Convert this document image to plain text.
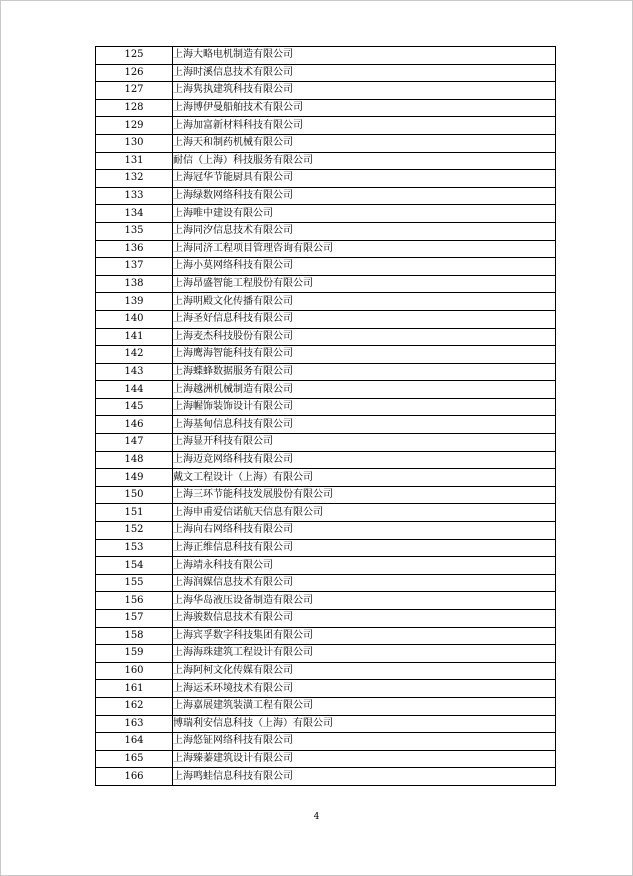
125	上海大略电机制造有限公司
126	上海时溪信息技术有限公司
127	上海隽执建筑科技有限公司
128	上海博伊曼船舶技术有限公司
129	上海加富新材料科技有限公司
130	上海天和制药机械有限公司
131	耐信（上海）科技服务有限公司
132	上海冠华节能厨具有限公司
133	上海绿数网络科技有限公司
134	上海唯中建设有限公司
135	上海同汐信息技术有限公司
136	上海同济工程项目管理咨询有限公司
137	上海小莫网络科技有限公司
138	上海昂盛智能工程股份有限公司
139	上海明殿文化传播有限公司
140	上海圣好信息科技有限公司
141	上海麦杰科技股份有限公司
142	上海鹰海智能科技有限公司
143	上海蝶蜂数据服务有限公司
144	上海越洲机械制造有限公司
145	上海幄饰装饰设计有限公司
146	上海基甸信息科技有限公司
147	上海显开科技有限公司
148	上海迈竞网络科技有限公司
149	戴文工程设计（上海）有限公司
150	上海三环节能科技发展股份有限公司
151	上海申甫爱信诺航天信息有限公司
152	上海向右网络科技有限公司
153	上海正维信息科技有限公司
154	上海靖永科技有限公司
155	上海润媒信息技术有限公司
156	上海华岛液压设备制造有限公司
157	上海骏数信息技术有限公司
158	上海宾孚数字科技集团有限公司
159	上海海珠建筑工程设计有限公司
160	上海阿柯文化传媒有限公司
161	上海运禾环境技术有限公司
162	上海嘉展建筑装潢工程有限公司
163	博瑞利安信息科技（上海）有限公司
164	上海悠钲网络科技有限公司
165	上海臻蓁建筑设计有限公司
166	上海鸣蛙信息科技有限公司
4
